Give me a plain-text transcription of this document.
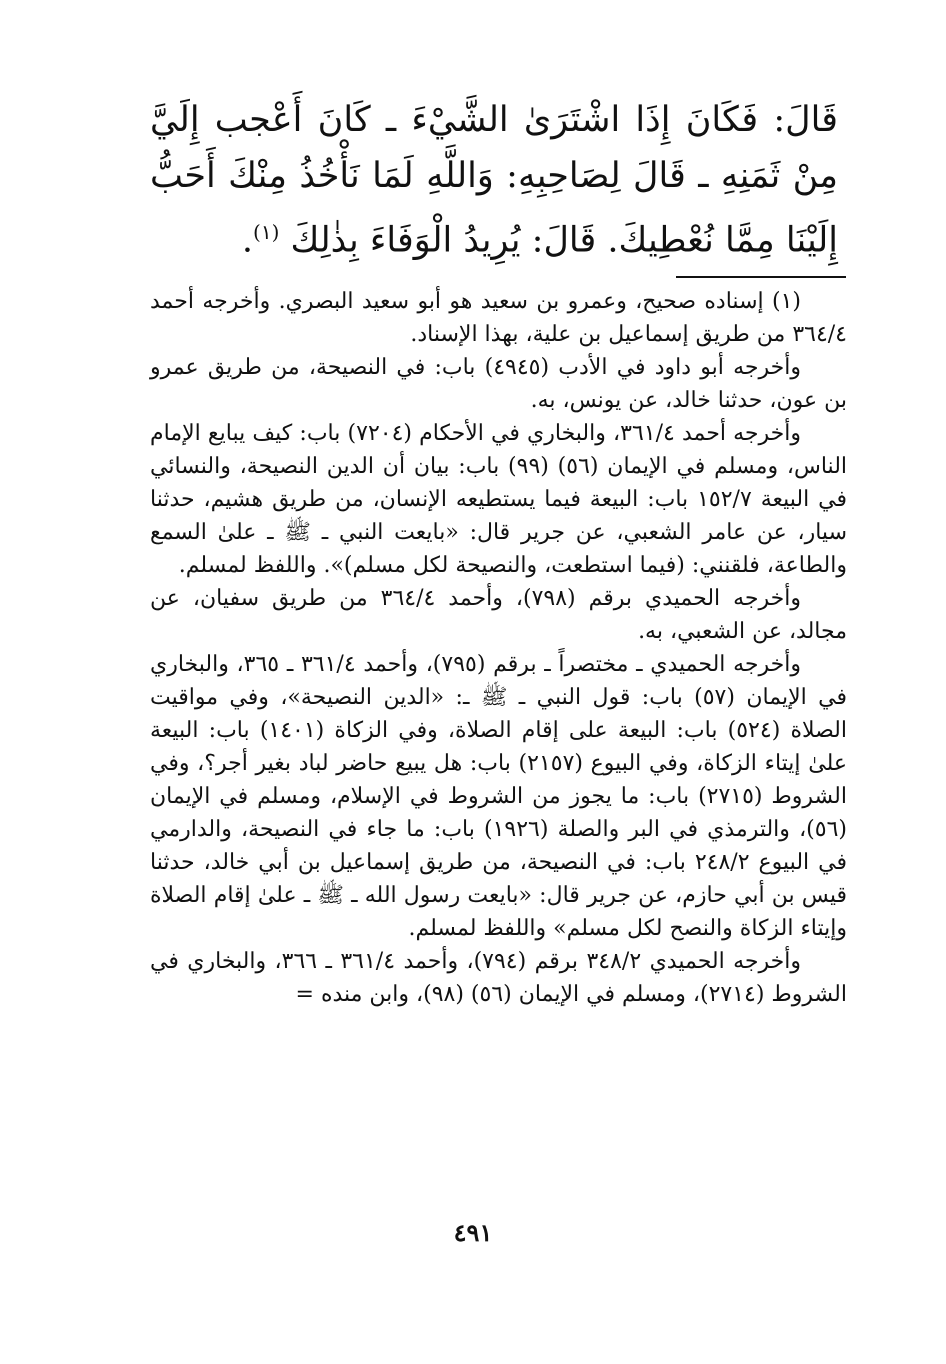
قَالَ: فَكَانَ إِذَا اشْتَرَىٰ الشَّيْءَ ـ كَانَ أَعْجب إِلَيَّ مِنْ ثَمَنِهِ ـ قَالَ لِصَاحِبِهِ: وَاللَّهِ لَمَا نَأْخُذُ مِنْكَ أَحَبُّ إِلَيْنَا مِمَّا نُعْطِيكَ. قَالَ: يُرِيدُ الْوَفَاءَ بِذٰلِكَ $^{(١)}$.

(١) إسناده صحيح، وعمرو بن سعيد هو أبو سعيد البصري. وأخرجه أحمد ٣٦٤/٤ من طريق إسماعيل بن علية، بهذا الإسناد.

وأخرجه أبو داود في الأدب (٤٩٤٥) باب: في النصيحة، من طريق عمرو بن عون، حدثنا خالد، عن يونس، به.

وأخرجه أحمد ٣٦١/٤، والبخاري في الأحكام (٧٢٠٤) باب: كيف يبايع الإمام الناس، ومسلم في الإيمان (٥٦) (٩٩) باب: بيان أن الدين النصيحة، والنسائي في البيعة ١٥٢/٧ باب: البيعة فيما يستطيعه الإنسان، من طريق هشيم، حدثنا سيار، عن عامر الشعبي، عن جرير قال: «بايعت النبي ـ ﷺ ـ علىٰ السمع والطاعة، فلقنني: (فيما استطعت، والنصيحة لكل مسلم)». واللفظ لمسلم.

وأخرجه الحميدي برقم (٧٩٨)، وأحمد ٣٦٤/٤ من طريق سفيان، عن مجالد، عن الشعبي، به.

وأخرجه الحميدي ـ مختصراً ـ برقم (٧٩٥)، وأحمد ٣٦١/٤ ـ ٣٦٥، والبخاري في الإيمان (٥٧) باب: قول النبي ـ ﷺ ـ: «الدين النصيحة»، وفي مواقيت الصلاة (٥٢٤) باب: البيعة على إقام الصلاة، وفي الزكاة (١٤٠١) باب: البيعة علىٰ إيتاء الزكاة، وفي البيوع (٢١٥٧) باب: هل يبيع حاضر لباد بغير أجر؟، وفي الشروط (٢٧١٥) باب: ما يجوز من الشروط في الإسلام، ومسلم في الإيمان (٥٦)، والترمذي في البر والصلة (١٩٢٦) باب: ما جاء في النصيحة، والدارمي في البيوع ٢٤٨/٢ باب: في النصيحة، من طريق إسماعيل بن أبي خالد، حدثنا قيس بن أبي حازم، عن جرير قال: «بايعت رسول الله ـ ﷺ ـ علىٰ إقام الصلاة وإيتاء الزكاة والنصح لكل مسلم» واللفظ لمسلم.

وأخرجه الحميدي ٣٤٨/٢ برقم (٧٩٤)، وأحمد ٣٦١/٤ ـ ٣٦٦، والبخاري في الشروط (٢٧١٤)، ومسلم في الإيمان (٥٦) (٩٨)، وابن منده =

٤٩١
